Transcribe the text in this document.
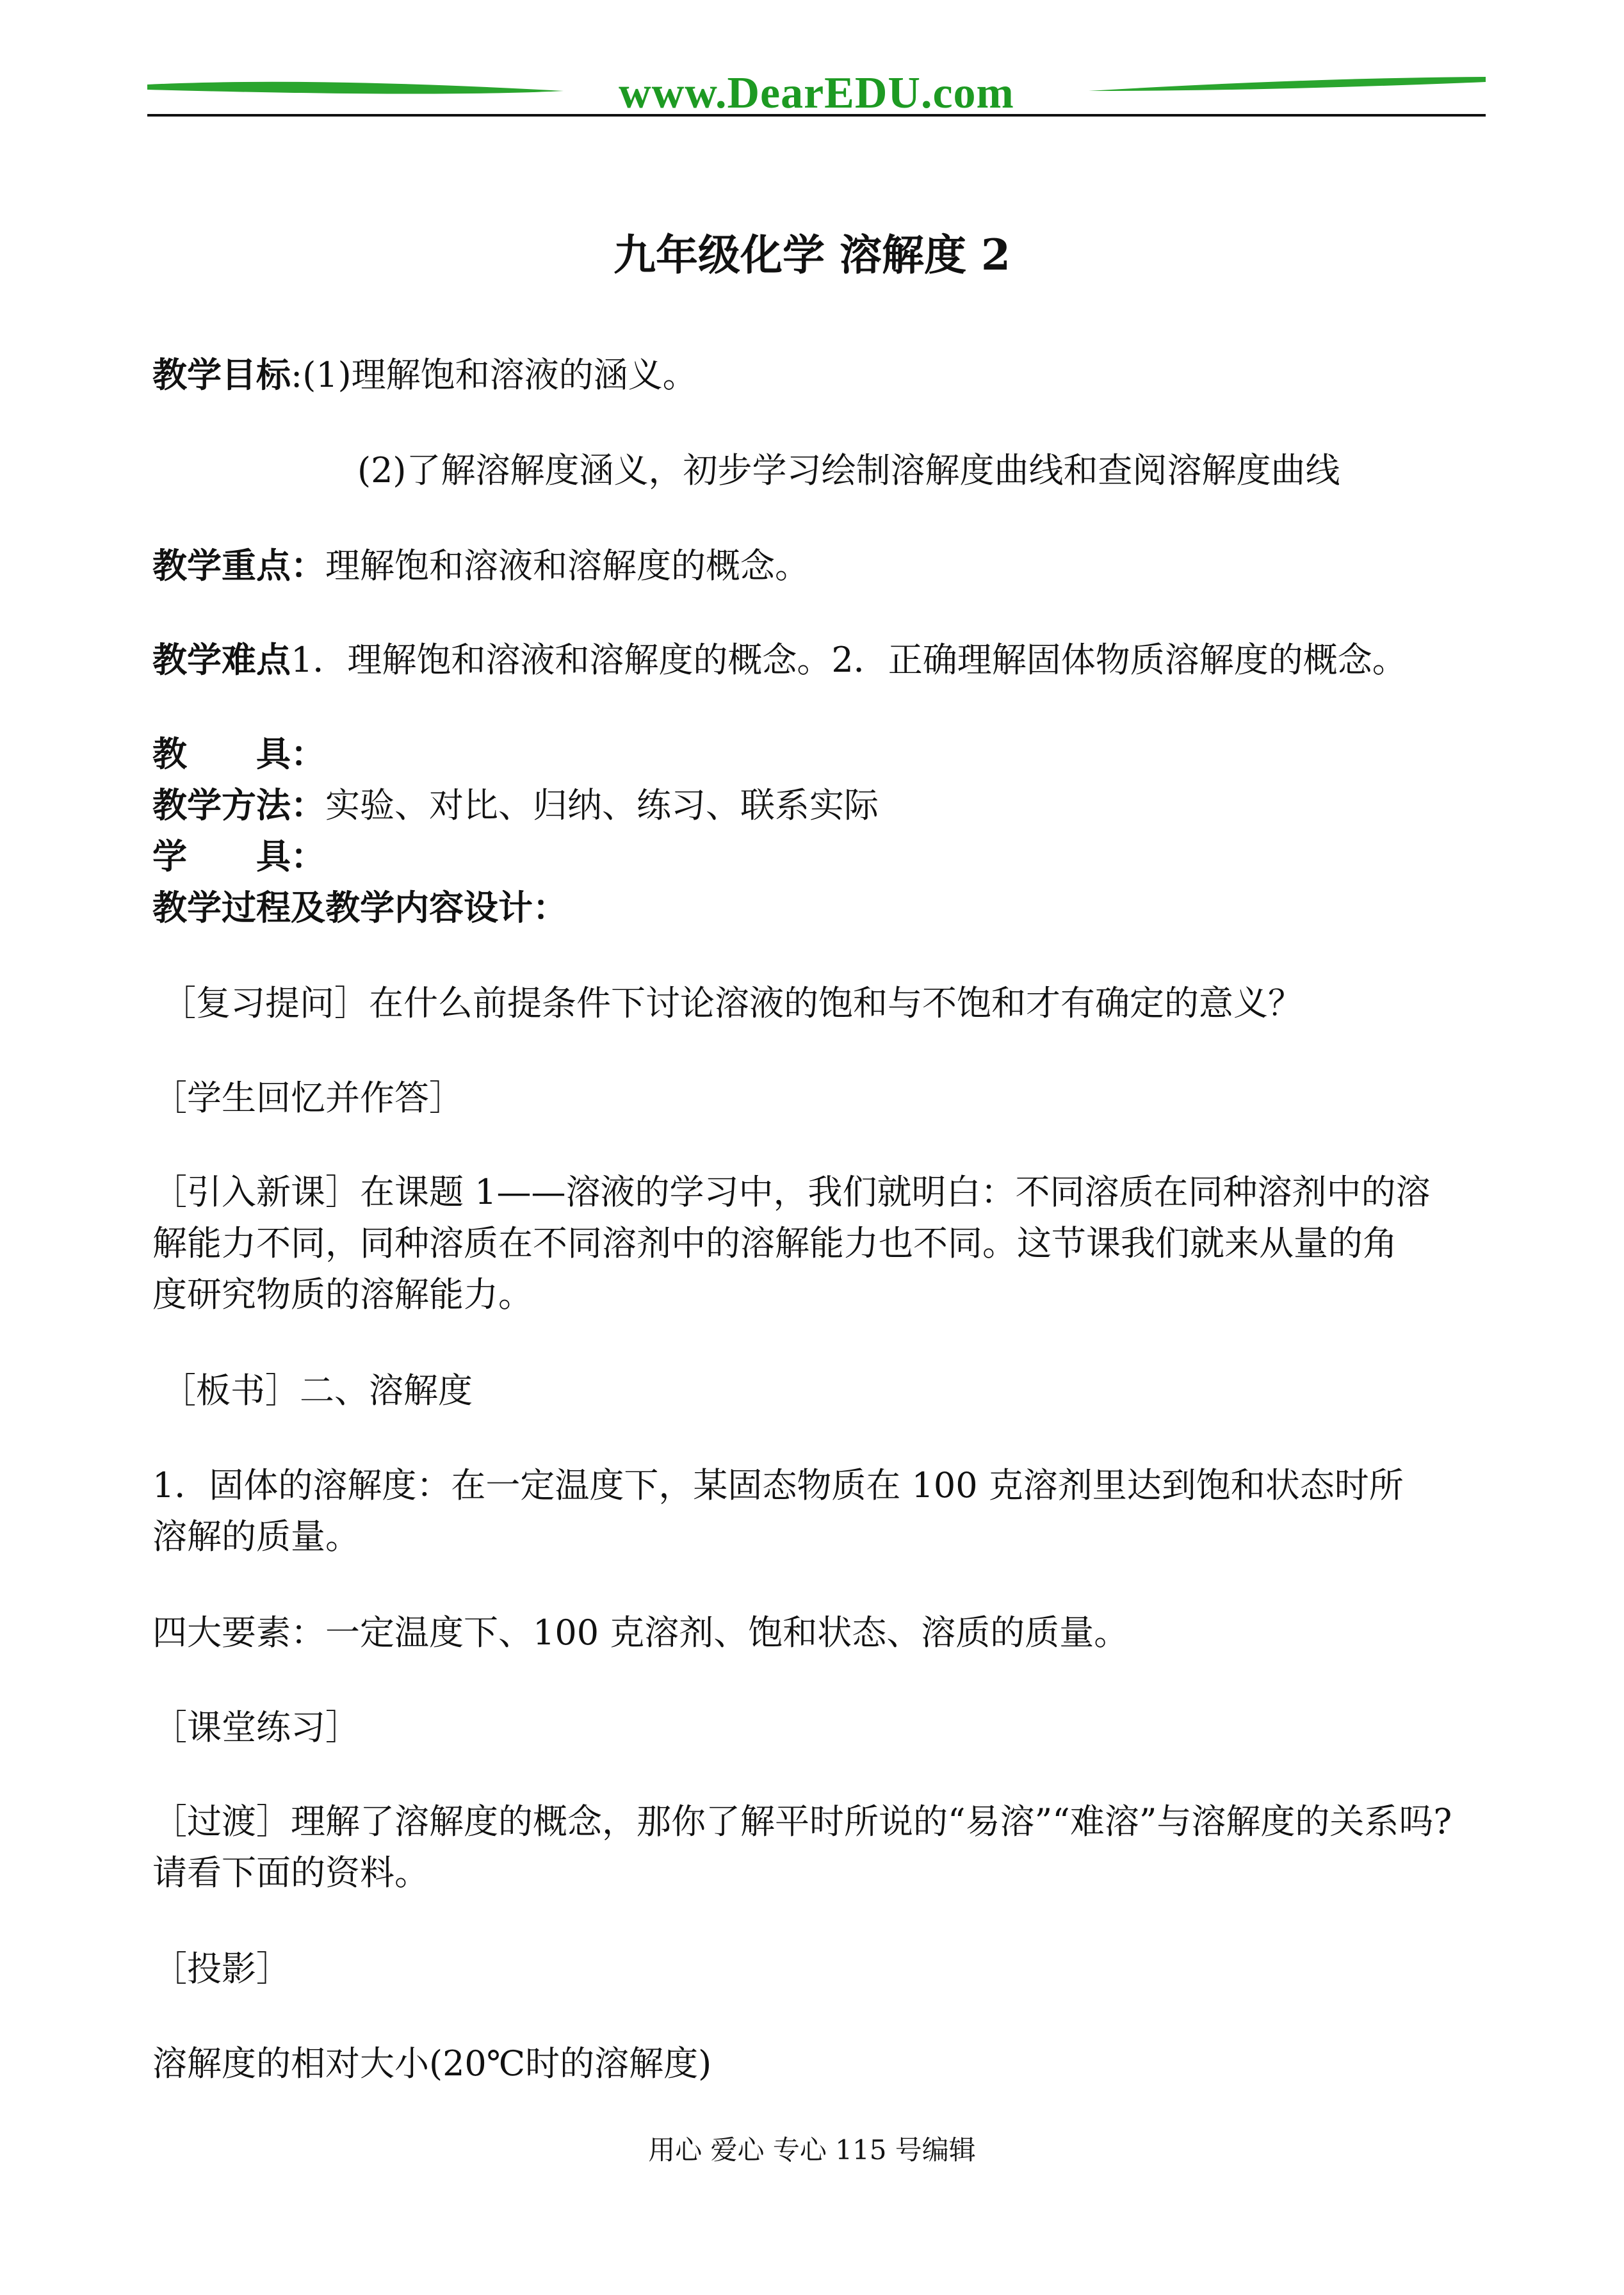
www.DearEDU.com
九年级化学 溶解度 2
教学目标:(1)理解饱和溶液的涵义。
(2)了解溶解度涵义，初步学习绘制溶解度曲线和查阅溶解度曲线
教学重点：理解饱和溶液和溶解度的概念。
教学难点1．理解饱和溶液和溶解度的概念。2．正确理解固体物质溶解度的概念。
教　　具：
教学方法：实验、对比、归纳、练习、联系实际
学　　具：
教学过程及教学内容设计：
［复习提问］在什么前提条件下讨论溶液的饱和与不饱和才有确定的意义？
［学生回忆并作答］
［引入新课］在课题 1——溶液的学习中，我们就明白：不同溶质在同种溶剂中的溶
解能力不同，同种溶质在不同溶剂中的溶解能力也不同。这节课我们就来从量的角
度研究物质的溶解能力。
［板书］二、溶解度
1．固体的溶解度：在一定温度下，某固态物质在 100 克溶剂里达到饱和状态时所
溶解的质量。
四大要素：一定温度下、100 克溶剂、饱和状态、溶质的质量。
［课堂练习］
［过渡］理解了溶解度的概念，那你了解平时所说的“易溶”“难溶”与溶解度的关系吗?
请看下面的资料。
［投影］
溶解度的相对大小(20℃时的溶解度)
用心 爱心 专心 115 号编辑
